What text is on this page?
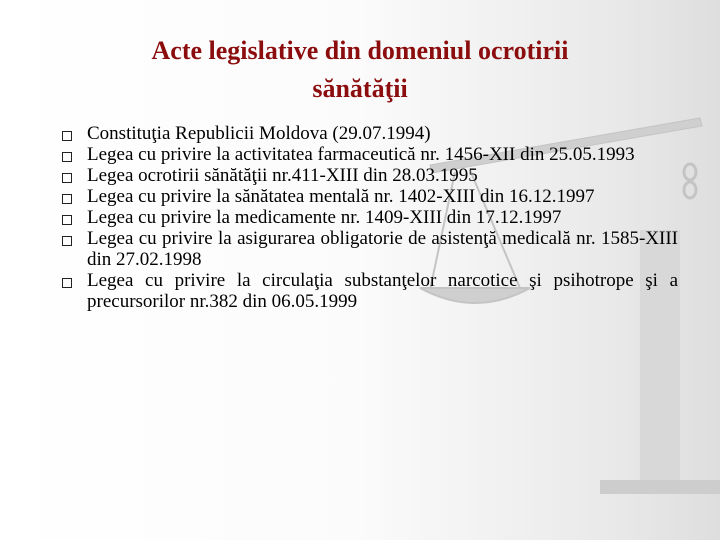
Acte legislative din domeniul ocrotirii
sănătăţii
Constituţia Republicii Moldova (29.07.1994)
Legea cu privire la activitatea farmaceutică nr. 1456-XII din 25.05.1993
Legea ocrotirii sănătăţii nr.411-XIII din 28.03.1995
Legea cu privire la sănătatea mentală nr. 1402-XIII din 16.12.1997
Legea cu privire la medicamente nr. 1409-XIII din 17.12.1997
Legea cu privire la asigurarea obligatorie de asistenţă medicală nr. 1585-XIII din 27.02.1998
Legea cu privire la circulaţia substanţelor narcotice şi psihotrope şi a precursorilor nr.382 din 06.05.1999
